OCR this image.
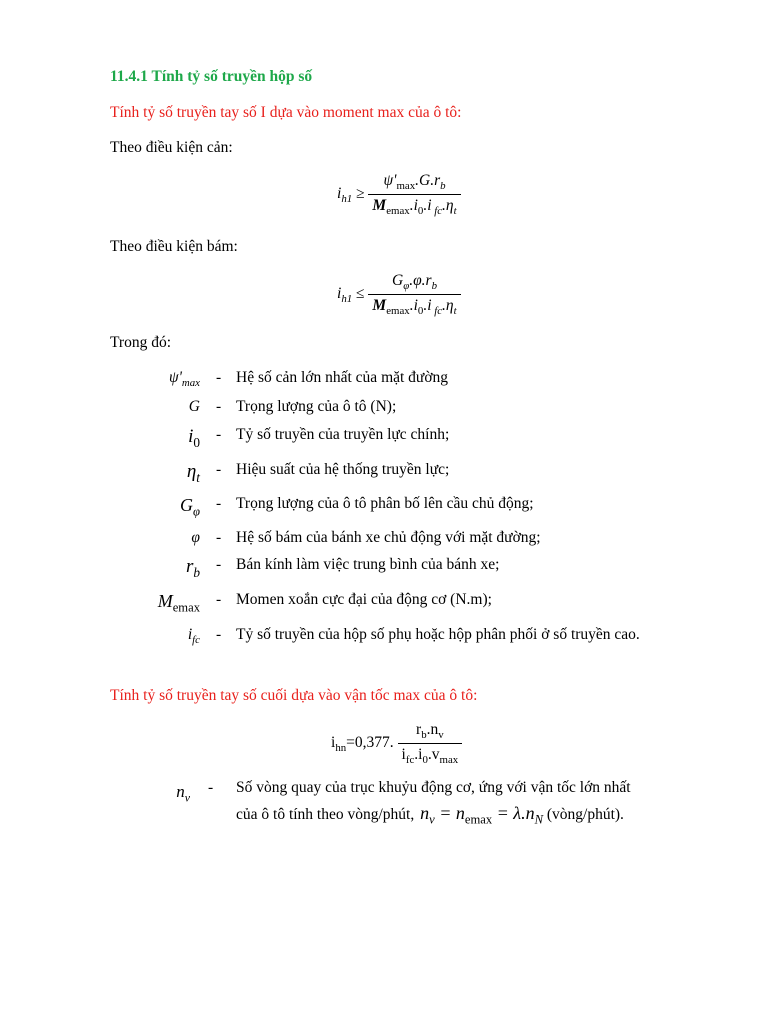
11.4.1 Tính tỷ số truyền hộp số
Tính tỷ số truyền tay số I dựa vào moment max của ô tô:
Theo điều kiện cản:
$i_{h1} \ge \frac{\psi'_{max}.G.r_b}{M_{emax}.i_0.i _{fc}.\eta_t}$
Theo điều kiện bám:
$i_{h1} \le \frac{G_\varphi.\varphi.r_b}{M_{emax}.i_0.i _{fc}.\eta_t}$
Trong đó:
$\psi'_{max}$ - Hệ số cản lớn nhất của mặt đường
G - Trọng lượng của ô tô (N);
$i_0$ - Tỷ số truyền của truyền lực chính;
$\eta_t$ - Hiệu suất của hệ thống truyền lực;
$G_\varphi$ - Trọng lượng của ô tô phân bố lên cầu chủ động;
φ - Hệ số bám của bánh xe chủ động với mặt đường;
$r_b$ - Bán kính làm việc trung bình của bánh xe;
$M_{emax}$ - Momen xoắn cực đại của động cơ (N.m);
$i_{fc}$ - Tỷ số truyền của hộp số phụ hoặc hộp phân phối ở số truyền cao.
Tính tỷ số truyền tay số cuối dựa vào vận tốc max của ô tô:
$i_{hn}=0,377$. $\frac{r_b.n_v}{i_{fc}.i_0.v_{max}}$
$n_v$
- Số vòng quay của trục khuỷu động cơ, ứng với vận tốc lớn nhất
của ô tô tính theo vòng/phút, $n_v = n_{emax} = \lambda.n_N$ (vòng/phút).
